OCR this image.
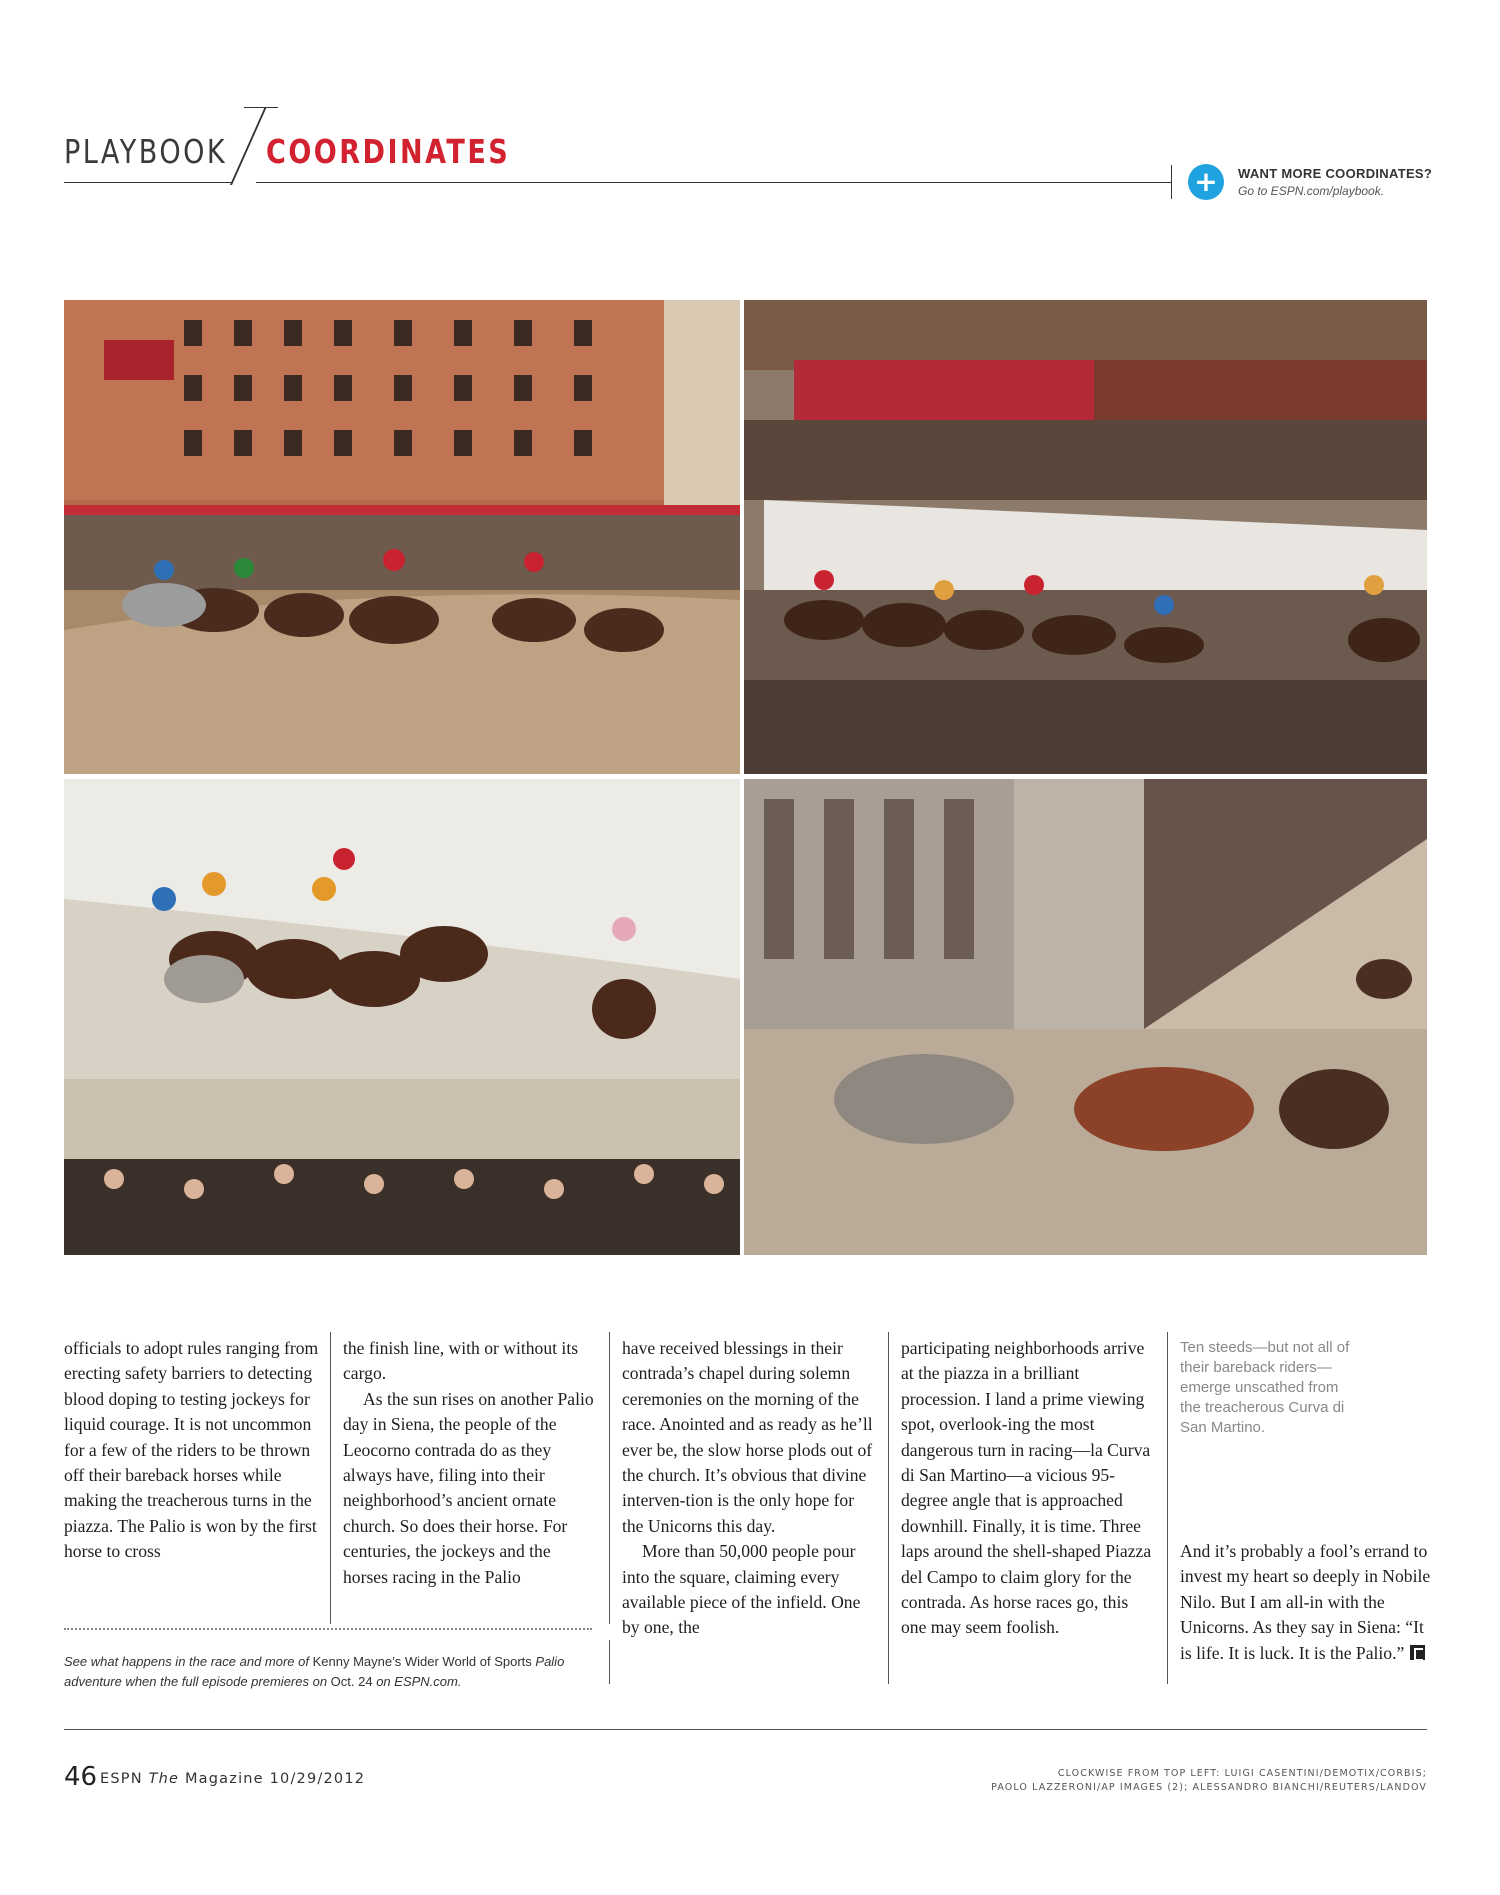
PLAYBOOK COORDINATES
+	WANT MORE COORDINATES?
Go to ESPN.com/playbook.

officials to adopt rules ranging from erecting safety barriers to detecting blood doping to testing jockeys for liquid courage. It is not uncommon for a few of the riders to be thrown off their bareback horses while making the treacherous turns in the piazza. The Palio is won by the first horse to cross

the finish line, with or without its cargo.

As the sun rises on another Palio day in Siena, the people of the Leocorno contrada do as they always have, filing into their neighborhood’s ancient ornate church. So does their horse. For centuries, the jockeys and the horses racing in the Palio

have received blessings in their contrada’s chapel during solemn ceremonies on the morning of the race. Anointed and as ready as he’ll ever be, the slow horse plods out of the church. It’s obvious that divine interven-tion is the only hope for the Unicorns this day.

More than 50,000 people pour into the square, claiming every available piece of the infield. One by one, the

participating neighborhoods arrive at the piazza in a brilliant procession. I land a prime viewing spot, overlook-ing the most dangerous turn in racing—la Curva di San Martino—a vicious 95-degree angle that is approached downhill. Finally, it is time. Three laps around the shell-shaped Piazza del Campo to claim glory for the contrada. As horse races go, this one may seem foolish.

And it’s probably a fool’s errand to invest my heart so deeply in Nobile Nilo. But I am all-in with the Unicorns. As they say in Siena: “It is life. It is luck. It is the Palio.”

Ten steeds—but not all of their bareback riders—emerge unscathed from the treacherous Curva di San Martino.
See what happens in the race and more of Kenny Mayne’s Wider World of Sports Palio adventure when the full episode premieres on Oct. 24 on ESPN.com.
46 ESPN The Magazine 10/29/2012	CLOCKWISE FROM TOP LEFT: LUIGI CASENTINI/DEMOTIX/CORBIS;
PAOLO LAZZERONI/AP IMAGES (2); ALESSANDRO BIANCHI/REUTERS/LANDOV
